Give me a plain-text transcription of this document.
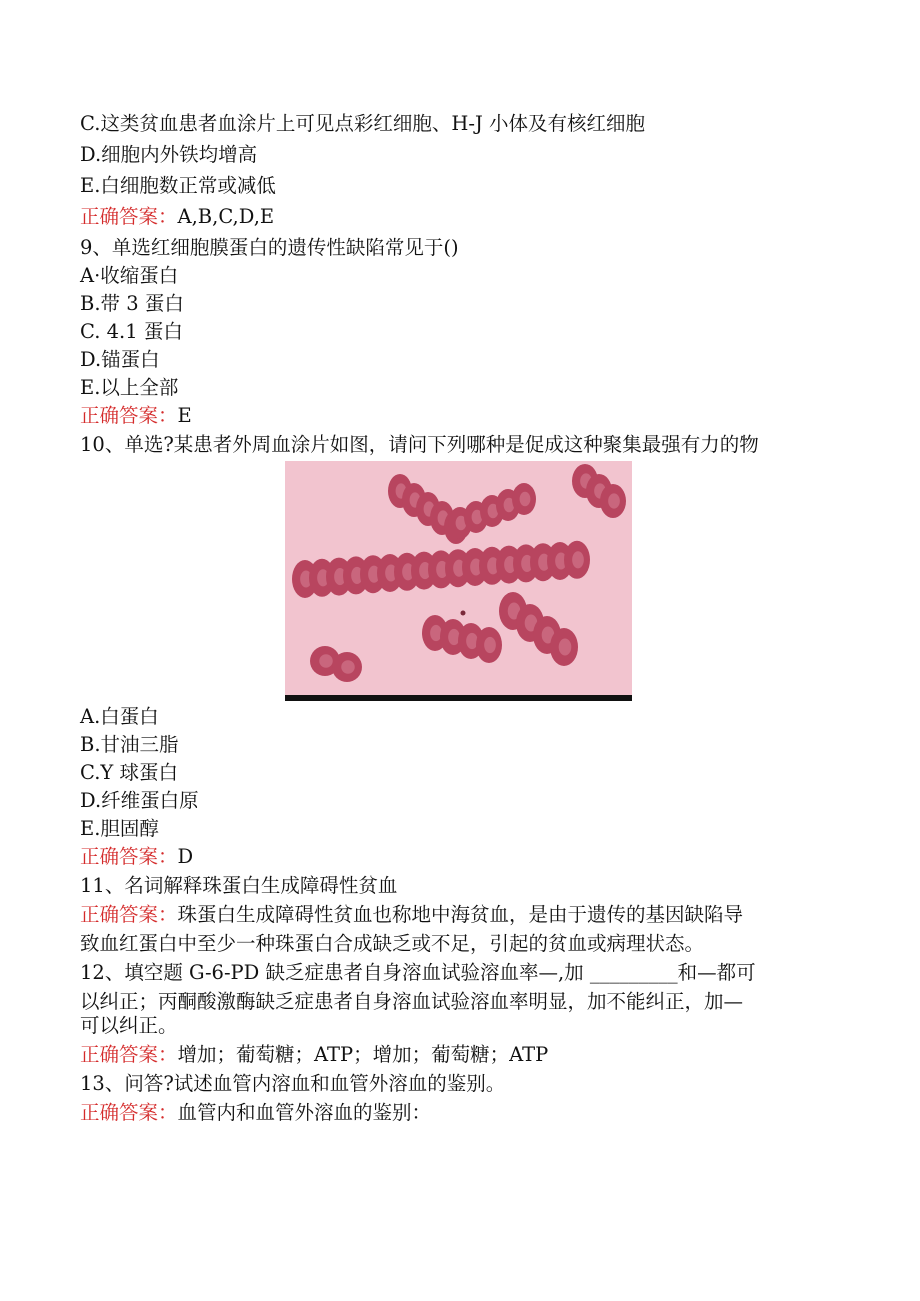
C.这类贫血患者血涂片上可见点彩红细胞、H-J 小体及有核红细胞
D.细胞内外铁均增高
E.白细胞数正常或减低
正确答案：A,B,C,D,E
9、单选红细胞膜蛋白的遗传性缺陷常见于()
A·收缩蛋白
B.带 3 蛋白
C. 4.1 蛋白
D.锚蛋白
E.以上全部
正确答案：E
10、单选?某患者外周血涂片如图，请问下列哪种是促成这种聚集最强有力的物
A.白蛋白
B.甘油三脂
C.Y 球蛋白
D.纤维蛋白原
E.胆固醇
正确答案：D
11、名词解释珠蛋白生成障碍性贫血
正确答案：珠蛋白生成障碍性贫血也称地中海贫血，是由于遗传的基因缺陷导
致血红蛋白中至少一种珠蛋白合成缺乏或不足，引起的贫血或病理状态。
12、填空题 G-6-PD 缺乏症患者自身溶血试验溶血率—,加 _________和—都可
以纠正；丙酮酸激酶缺乏症患者自身溶血试验溶血率明显，加不能纠正，加—
可以纠正。
正确答案：增加；葡萄糖；ATP；增加；葡萄糖；ATP
13、问答?试述血管内溶血和血管外溶血的鉴别。
正确答案：血管内和血管外溶血的鉴别：
